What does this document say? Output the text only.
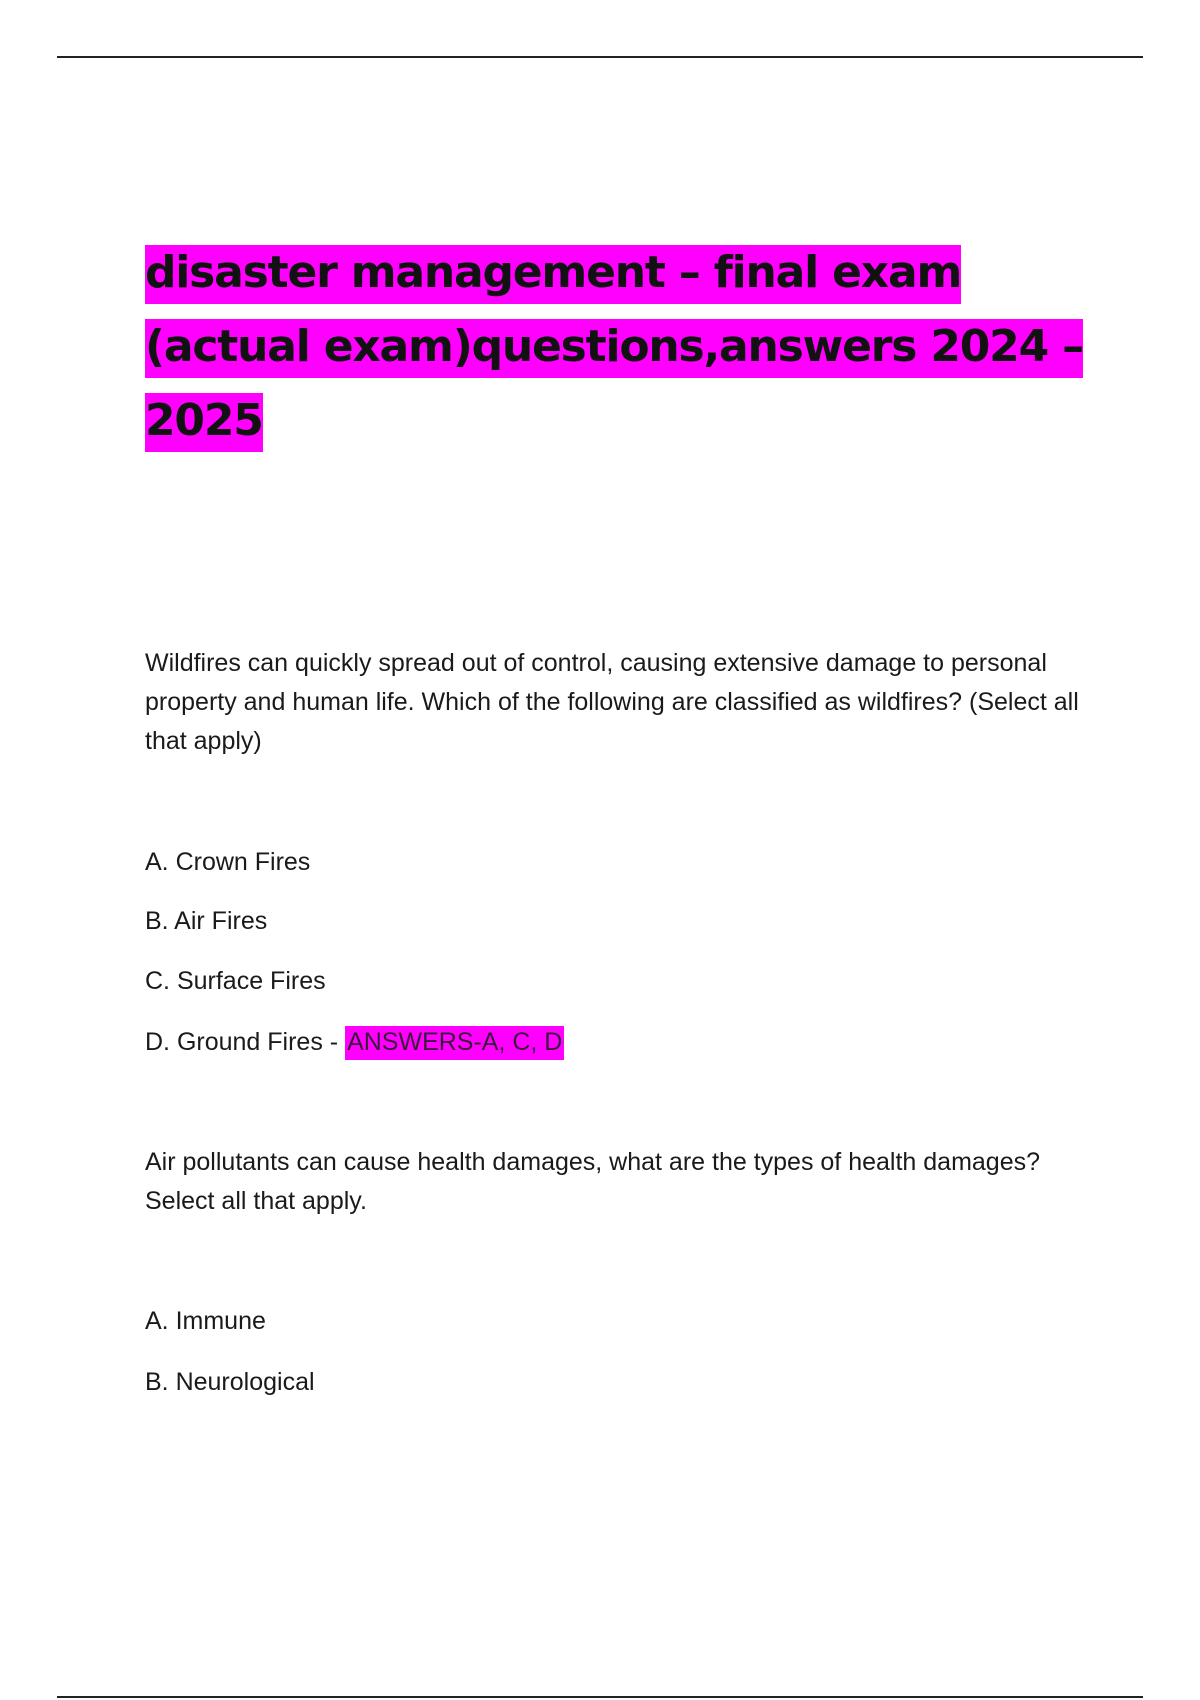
disaster management – final exam (actual exam)questions,answers 2024 – 2025

Wildfires can quickly spread out of control, causing extensive damage to personal property and human life. Which of the following are classified as wildfires? (Select all that apply)

A. Crown Fires

B. Air Fires

C. Surface Fires

D. Ground Fires - ANSWERS-A, C, D

Air pollutants can cause health damages, what are the types of health damages? Select all that apply.

A. Immune

B. Neurological
